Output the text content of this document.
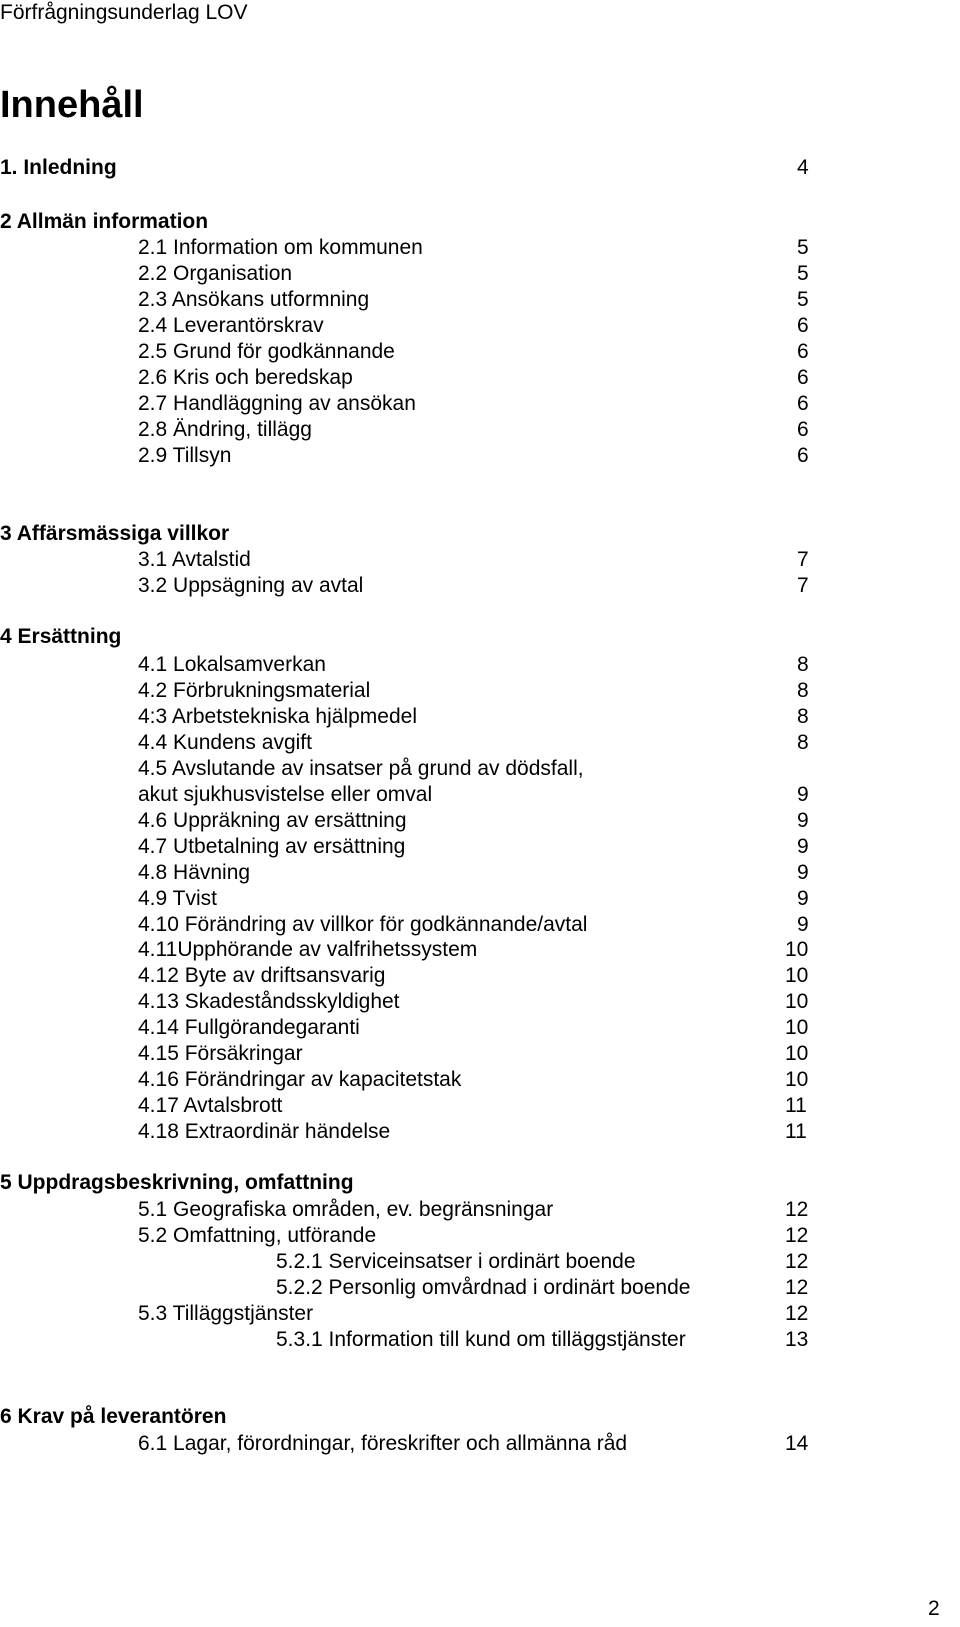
Förfrågningsunderlag LOV
Innehåll
1. Inledning	4
2 Allmän information
2.1 Information om kommunen	5
2.2 Organisation	5
2.3 Ansökans utformning	5
2.4 Leverantörskrav	6
2.5 Grund för godkännande	6
2.6 Kris och beredskap	6
2.7 Handläggning av ansökan	6
2.8 Ändring, tillägg	6
2.9 Tillsyn	6
3 Affärsmässiga villkor
3.1 Avtalstid	7
3.2 Uppsägning av avtal	7
4 Ersättning
4.1 Lokalsamverkan	8
4.2 Förbrukningsmaterial	8
4:3 Arbetstekniska hjälpmedel	8
4.4 Kundens avgift	8
4.5 Avslutande av insatser på grund av dödsfall,
akut sjukhusvistelse eller omval	9
4.6 Uppräkning av ersättning	9
4.7 Utbetalning av ersättning	9
4.8 Hävning	9
4.9 Tvist	9
4.10 Förändring av villkor för godkännande/avtal	9
4.11Upphörande av valfrihetssystem	10
4.12 Byte av driftsansvarig	10
4.13 Skadeståndsskyldighet	10
4.14 Fullgörandegaranti	10
4.15 Försäkringar	10
4.16 Förändringar av kapacitetstak	10
4.17 Avtalsbrott	11
4.18 Extraordinär händelse	11
5 Uppdragsbeskrivning, omfattning
5.1 Geografiska områden, ev. begränsningar	12
5.2 Omfattning, utförande	12
5.2.1 Serviceinsatser i ordinärt boende	12
5.2.2 Personlig omvårdnad i ordinärt boende	12
5.3 Tilläggstjänster	12
5.3.1 Information till kund om tilläggstjänster	13
6 Krav på leverantören
6.1 Lagar, förordningar, föreskrifter och allmänna råd	14
2
